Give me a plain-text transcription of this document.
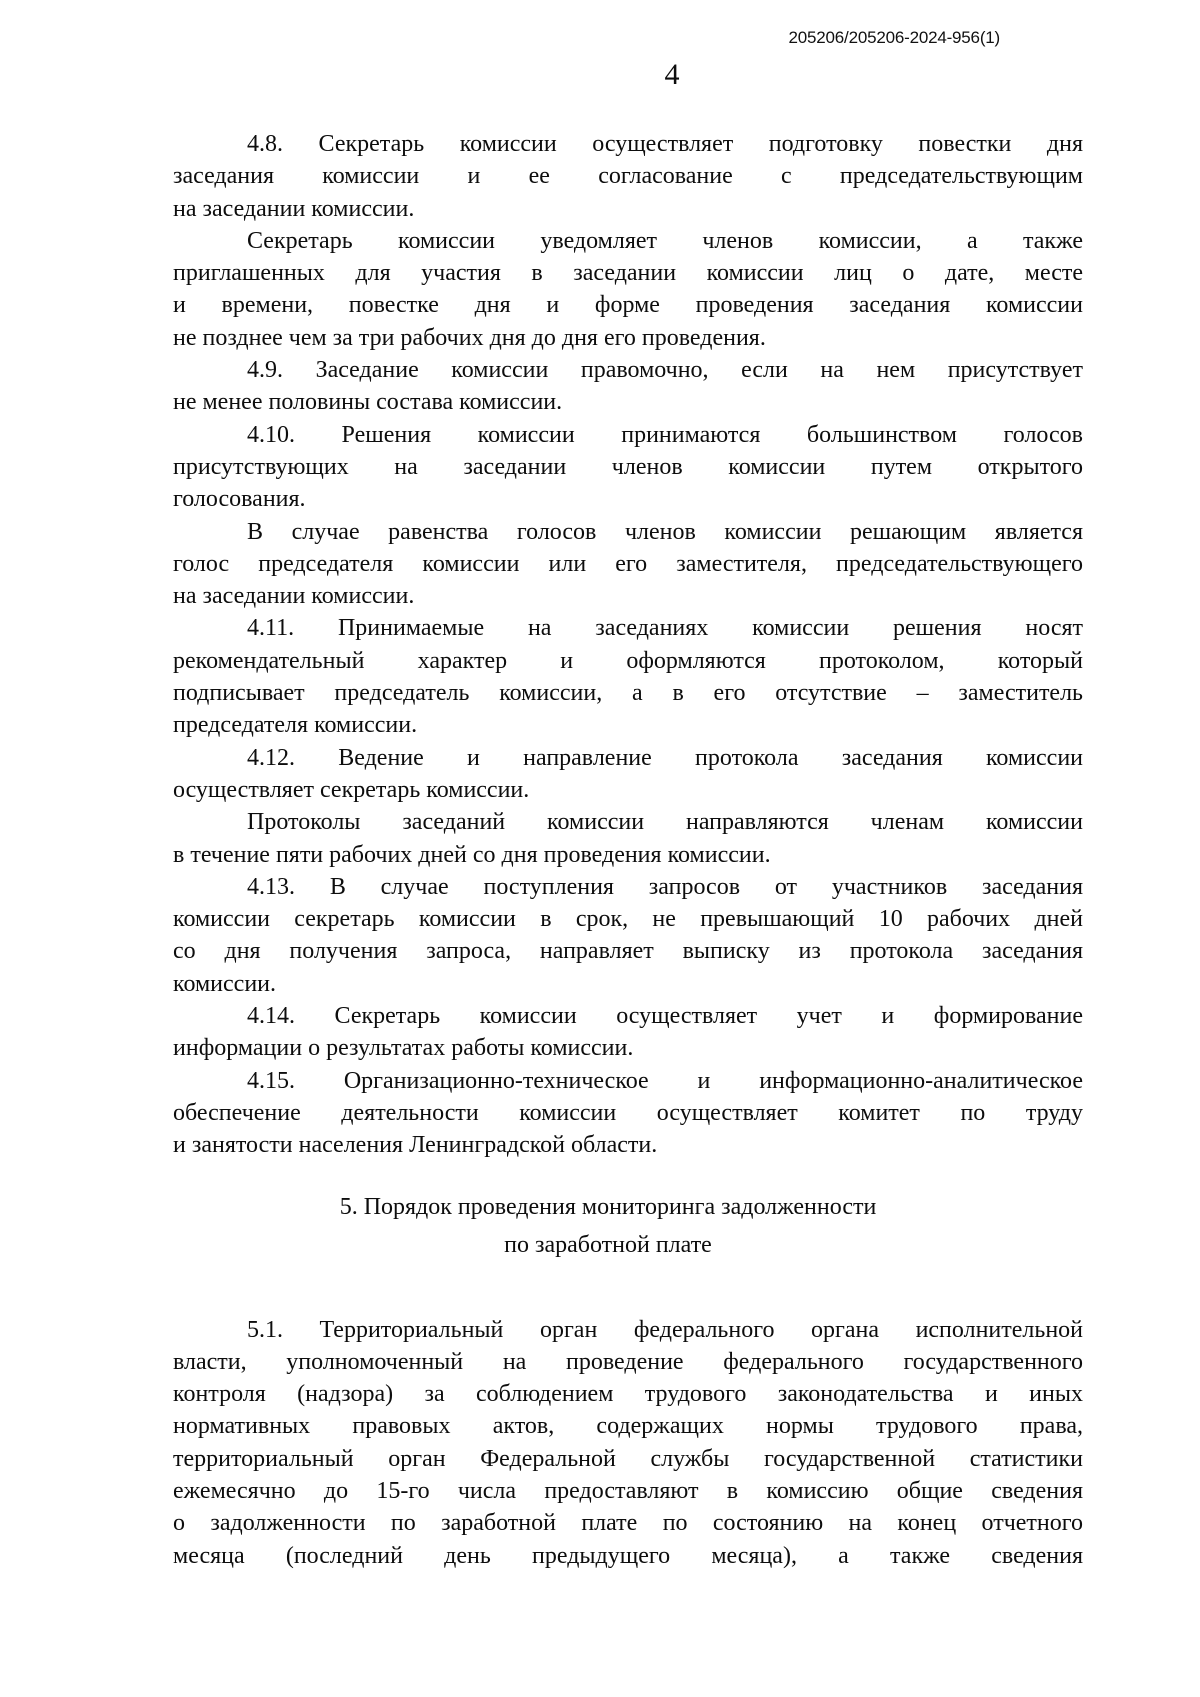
205206/205206-2024-956(1)
4
4.8. Секретарь комиссии осуществляет подготовку повестки дня
заседания комиссии и ее согласование с председательствующим
на заседании комиссии.
Секретарь комиссии уведомляет членов комиссии, а также
приглашенных для участия в заседании комиссии лиц о дате, месте
и времени, повестке дня и форме проведения заседания комиссии
не позднее чем за три рабочих дня до дня его проведения.
4.9. Заседание комиссии правомочно, если на нем присутствует
не менее половины состава комиссии.
4.10. Решения комиссии принимаются большинством голосов
присутствующих на заседании членов комиссии путем открытого
голосования.
В случае равенства голосов членов комиссии решающим является
голос председателя комиссии или его заместителя, председательствующего
на заседании комиссии.
4.11. Принимаемые на заседаниях комиссии решения носят
рекомендательный характер и оформляются протоколом, который
подписывает председатель комиссии, а в его отсутствие – заместитель
председателя комиссии.
4.12. Ведение и направление протокола заседания комиссии
осуществляет секретарь комиссии.
Протоколы заседаний комиссии направляются членам комиссии
в течение пяти рабочих дней со дня проведения комиссии.
4.13. В случае поступления запросов от участников заседания
комиссии секретарь комиссии в срок, не превышающий 10 рабочих дней
со дня получения запроса, направляет выписку из протокола заседания
комиссии.
4.14. Секретарь комиссии осуществляет учет и формирование
информации о результатах работы комиссии.
4.15. Организационно-техническое и информационно-аналитическое
обеспечение деятельности комиссии осуществляет комитет по труду
и занятости населения Ленинградской области.
5. Порядок проведения мониторинга задолженности
по заработной плате
5.1. Территориальный орган федерального органа исполнительной
власти, уполномоченный на проведение федерального государственного
контроля (надзора) за соблюдением трудового законодательства и иных
нормативных правовых актов, содержащих нормы трудового права,
территориальный орган Федеральной службы государственной статистики
ежемесячно до 15-го числа предоставляют в комиссию общие сведения
о задолженности по заработной плате по состоянию на конец отчетного
месяца (последний день предыдущего месяца), а также сведения
